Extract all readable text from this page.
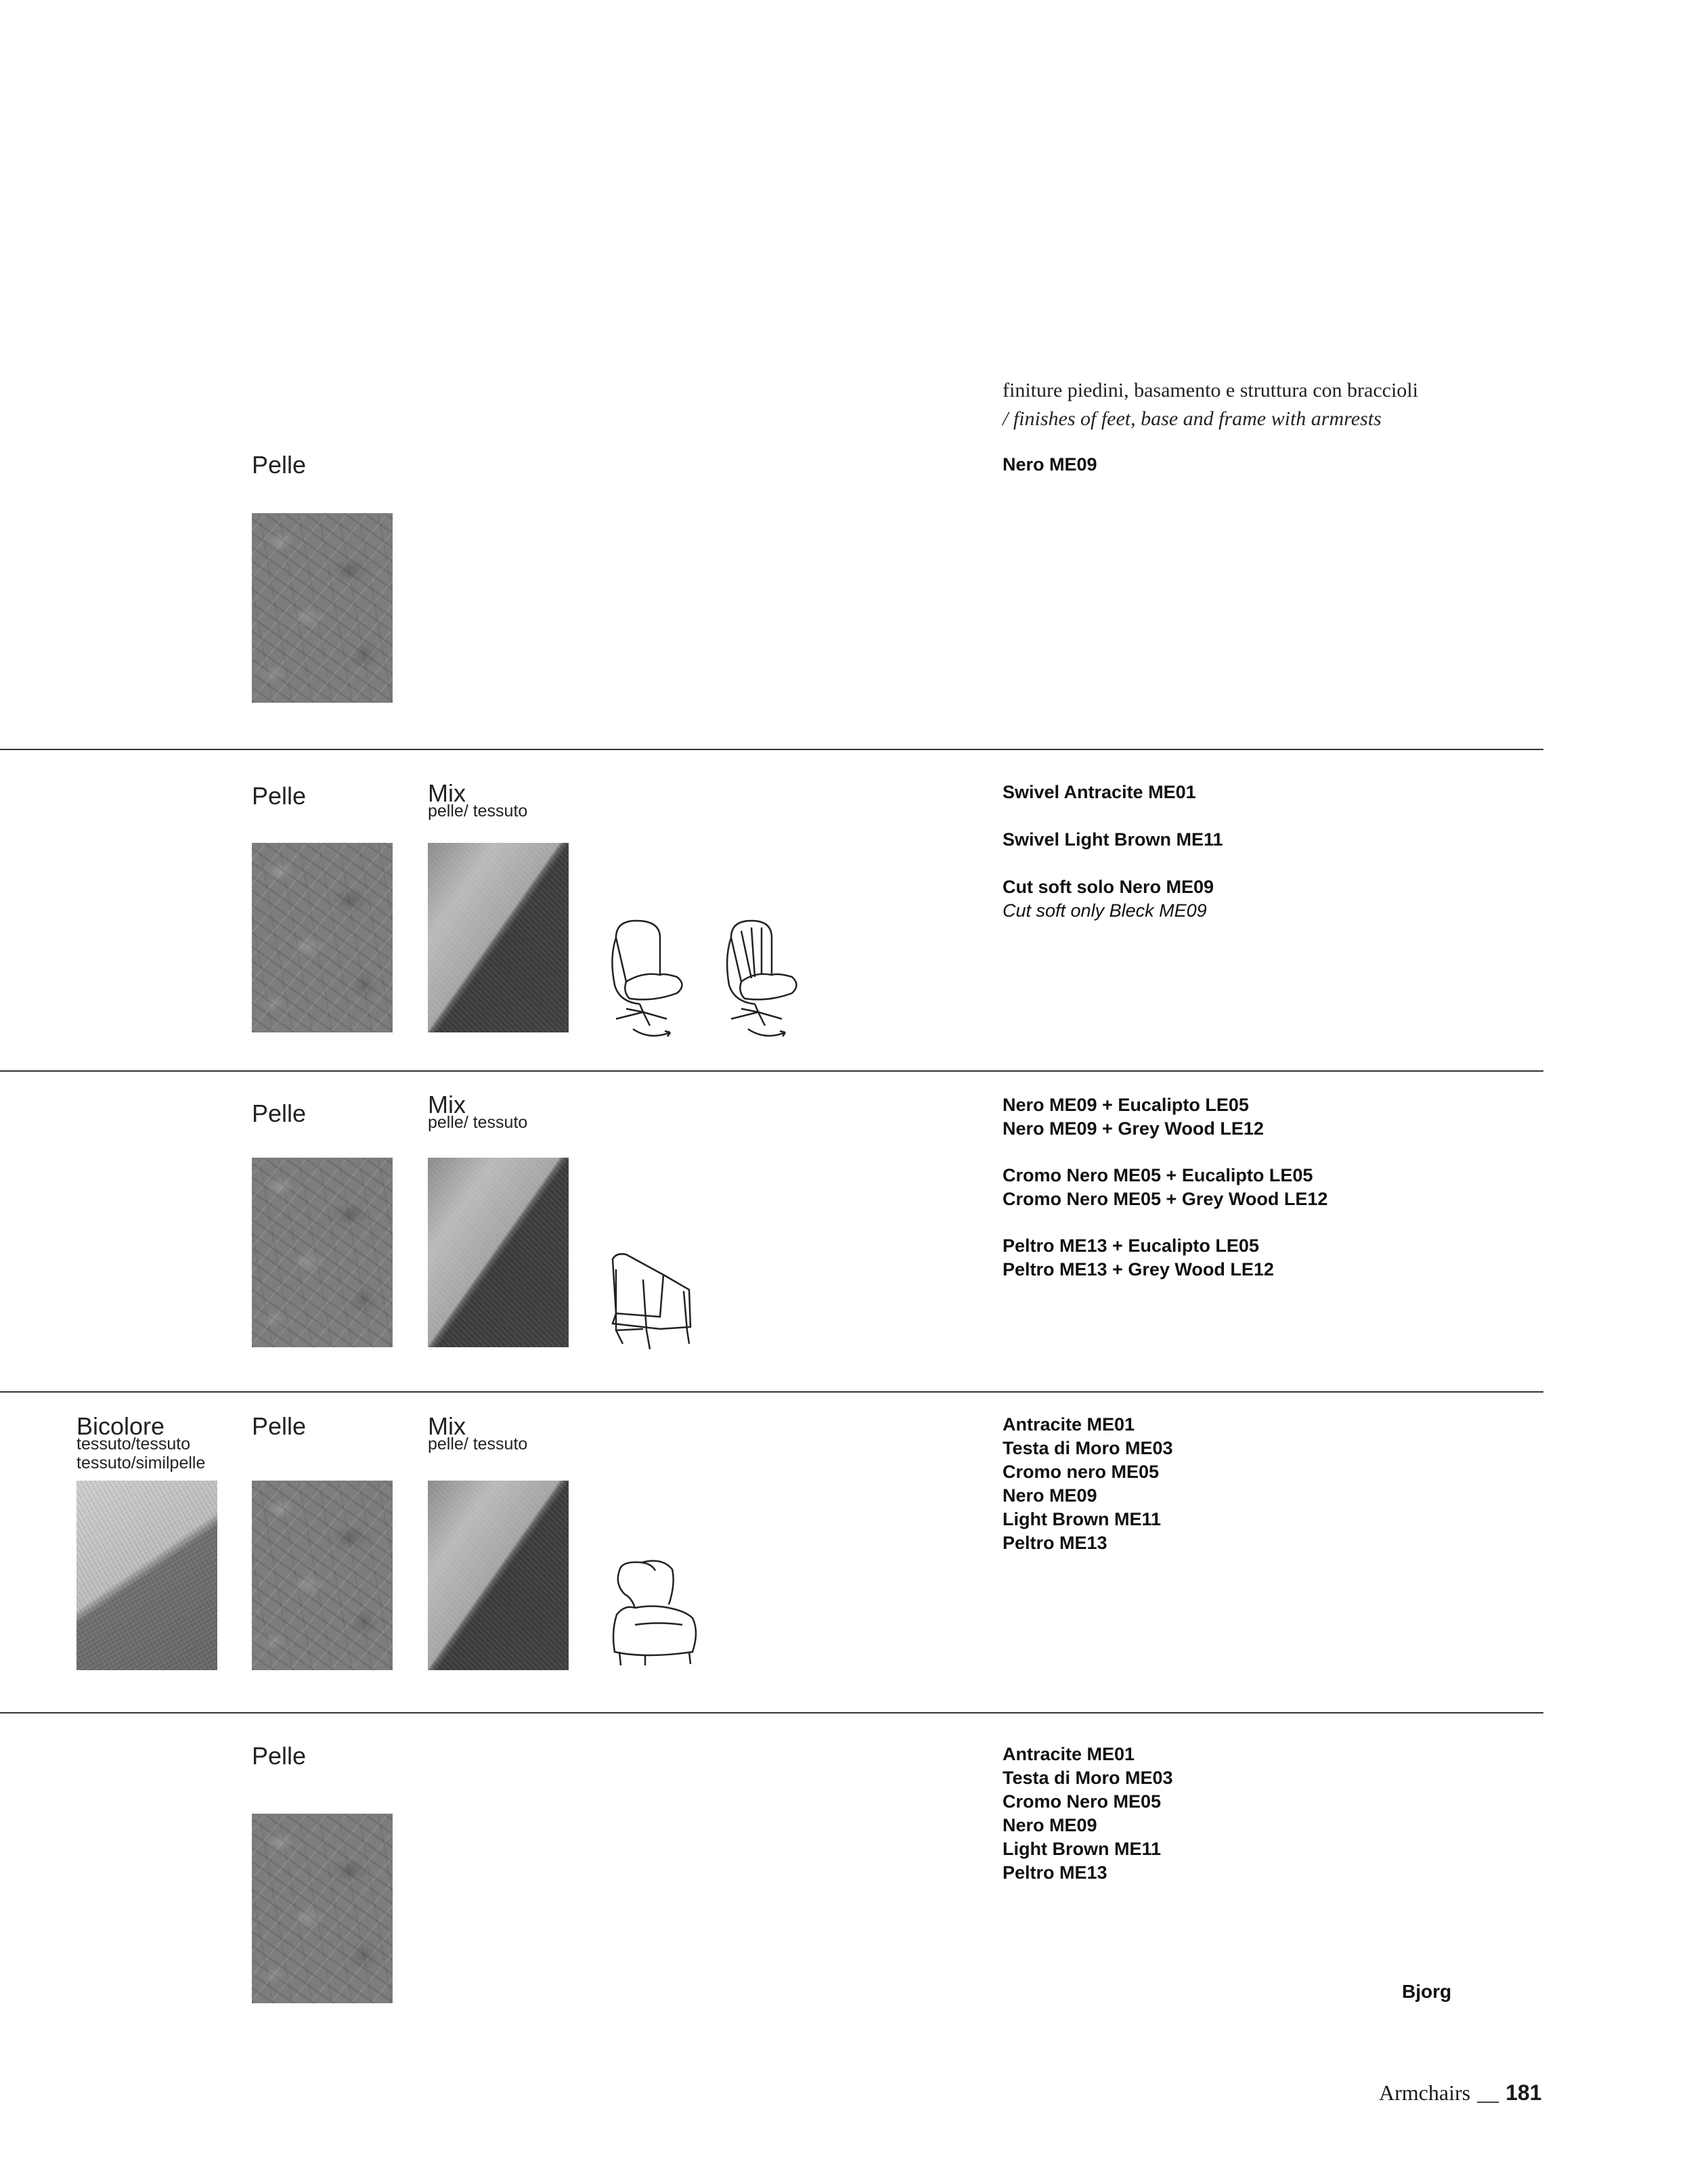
finiture piedini, basamento e struttura con braccioli
/ finishes of feet, base and frame with armrests
Pelle	Nero ME09
Pelle	Mix
pelle/ tessuto
Swivel Antracite ME01
Swivel Light Brown ME11
Cut soft solo Nero ME09
Cut soft only Bleck ME09
Pelle	Mix
pelle/ tessuto
Nero ME09 + Eucalipto LE05
Nero ME09 + Grey Wood LE12
Cromo Nero ME05 + Eucalipto LE05
Cromo Nero ME05 + Grey Wood LE12
Peltro ME13 + Eucalipto LE05
Peltro ME13 + Grey Wood LE12
Bicolore
tessuto/tessuto
tessuto/similpelle
Pelle	Mix
pelle/ tessuto
Antracite ME01
Testa di Moro ME03
Cromo nero ME05
Nero ME09
Light Brown ME11
Peltro ME13
Pelle	Antracite ME01
Testa di Moro ME03
Cromo Nero ME05
Nero ME09
Light Brown ME11
Peltro ME13
Bjorg
Armchairs __ 181
